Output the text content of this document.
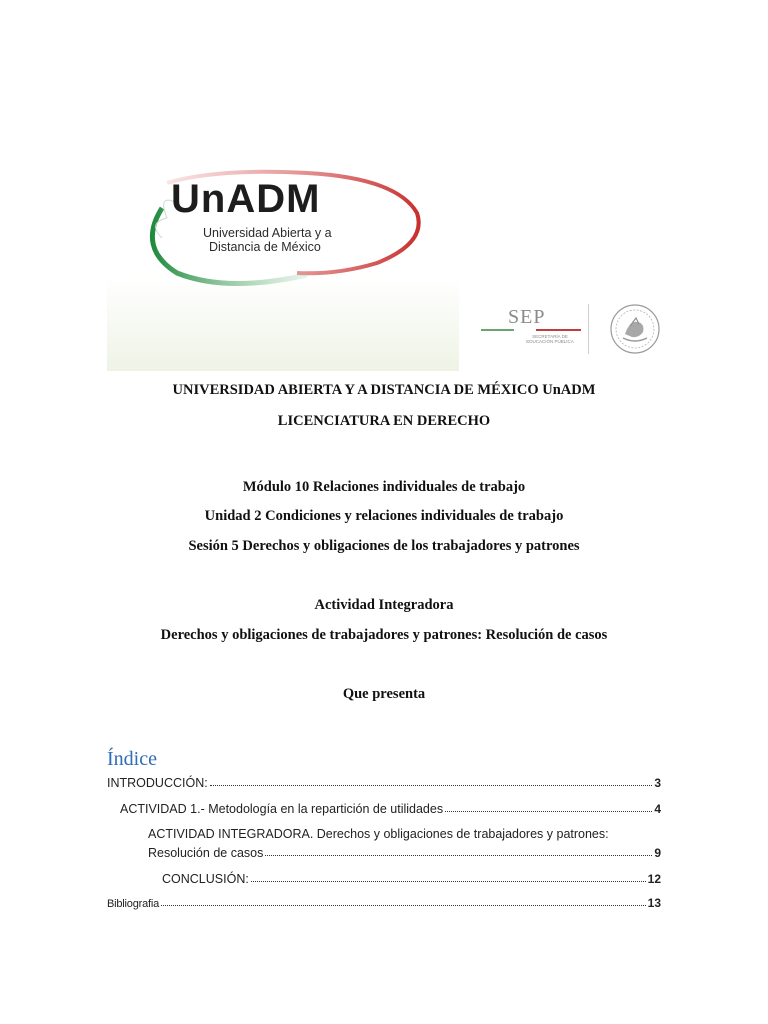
UnADM
Universidad Abierta y a
Distancia de México
SEP
SECRETARÍA DE
EDUCACIÓN PÚBLICA
UNIVERSIDAD ABIERTA Y A DISTANCIA DE MÉXICO UnADM
LICENCIATURA EN DERECHO
Módulo 10 Relaciones individuales de trabajo
Unidad 2 Condiciones y relaciones individuales de trabajo
Sesión 5 Derechos y obligaciones de los trabajadores y patrones
Actividad Integradora
Derechos y obligaciones de trabajadores y patrones: Resolución de casos
Que presenta
Índice
INTRODUCCIÓN:	3
ACTIVIDAD 1.- Metodología en la repartición de utilidades	4
ACTIVIDAD INTEGRADORA. Derechos y obligaciones de trabajadores y patrones:
Resolución de casos	9
CONCLUSIÓN:	12
Bibliografia	13
